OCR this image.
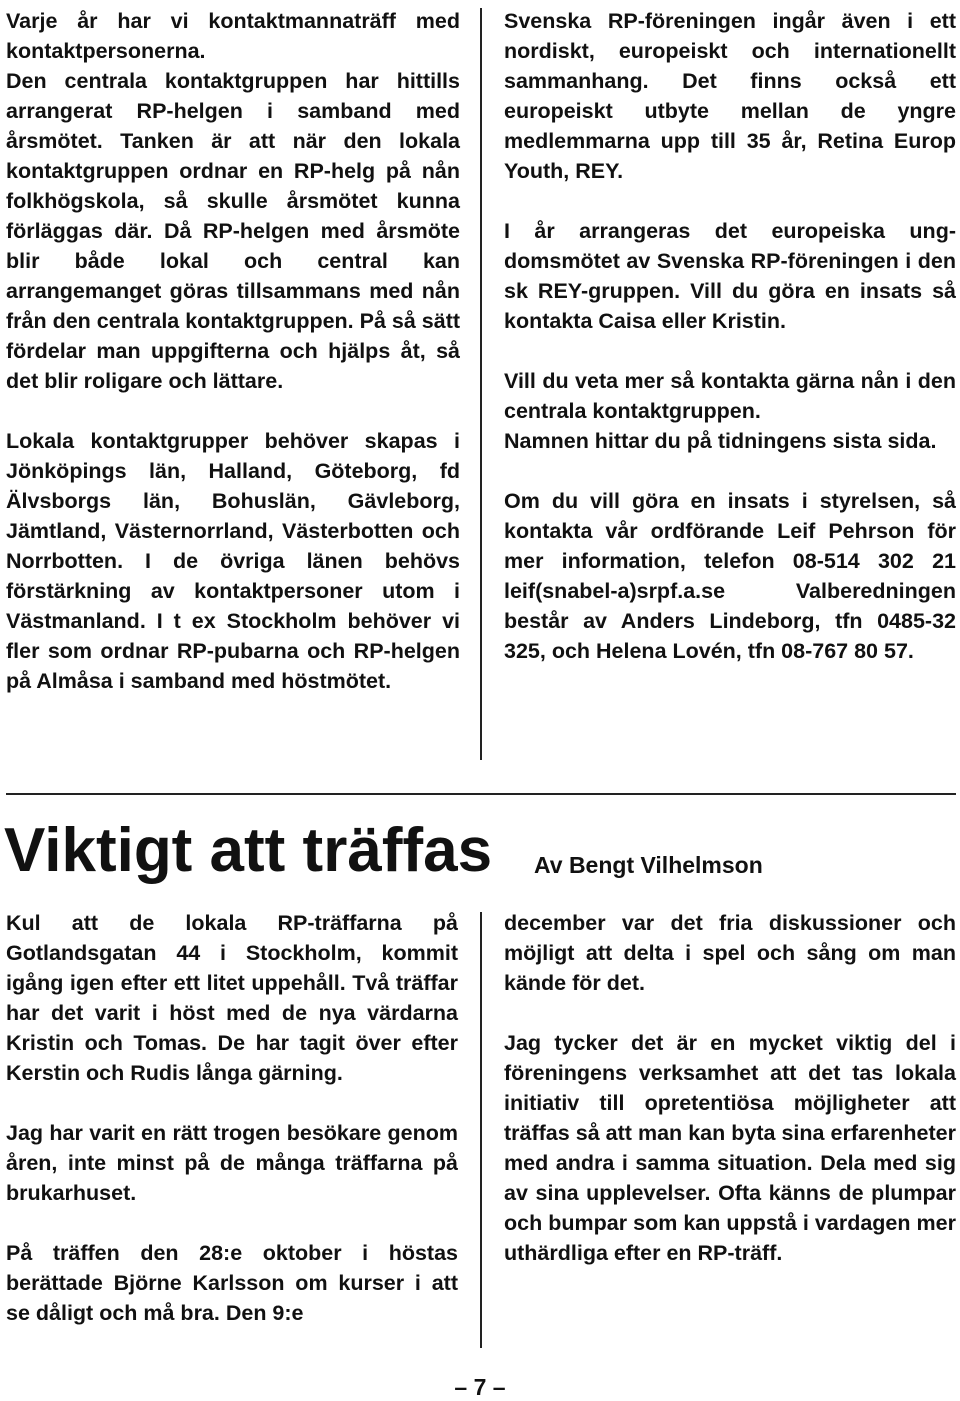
Varje år har vi kontaktmannaträff med kontaktpersonerna.

Den centrala kontaktgruppen har hittills arrangerat RP-helgen i samband med årsmötet. Tanken är att när den lokala kontaktgruppen ordnar en RP-helg på nån folkhögskola, så skulle årsmötet kunna förläggas där. Då RP-helgen med årsmöte blir både lokal och central kan arrangemanget göras tillsammans med nån från den centrala kontaktgruppen. På så sätt fördelar man uppgifterna och hjälps åt, så det blir roligare och lättare.

Lokala kontaktgrupper behöver skapas i Jönköpings län, Halland, Göteborg, fd Älvsborgs län, Bohuslän, Gävleborg, Jämtland, Västernorrland, Västerbotten och Norrbotten. I de övriga länen behövs förstärkning av kontaktpersoner utom i Västmanland. I t ex Stockholm behöver vi fler som ordnar RP-pubarna och RP-helgen på Almåsa i samband med höstmötet.

Svenska RP-föreningen ingår även i ett nordiskt, europeiskt och internationellt sammanhang. Det finns också ett europeiskt utbyte mellan de yngre medlemmarna upp till 35 år, Retina Europ Youth, REY.

I år arrangeras det europeiska ungdomsmötet av Svenska RP-föreningen i den sk REY-gruppen. Vill du göra en insats så kontakta Caisa eller Kristin.

Vill du veta mer så kontakta gärna nån i den centrala kontaktgruppen.

Namnen hittar du på tidningens sista sida.

Om du vill göra en insats i styrelsen, så kontakta vår ordförande Leif Pehrson för mer information, telefon 08-514 302 21 leif(snabel-a)srpf.a.se Valberedningen består av Anders Lindeborg, tfn 0485-32 325, och Helena Lovén, tfn 08-767 80 57.

Viktigt att träffas Av Bengt Vilhelmson

Kul att de lokala RP-träffarna på Gotlandsgatan 44 i Stockholm, kommit igång igen efter ett litet uppehåll. Två träffar har det varit i höst med de nya värdarna Kristin och Tomas. De har tagit över efter Kerstin och Rudis långa gärning.

Jag har varit en rätt trogen besökare genom åren, inte minst på de många träffarna på brukarhuset.

På träffen den 28:e oktober i höstas berättade Björne Karlsson om kurser i att se dåligt och må bra. Den 9:e

december var det fria diskussioner och möjligt att delta i spel och sång om man kände för det.

Jag tycker det är en mycket viktig del i föreningens verksamhet att det tas lokala initiativ till opretentiösa möjligheter att träffas så att man kan byta sina erfarenheter med andra i samma situation. Dela med sig av sina upplevelser. Ofta känns de plumpar och bumpar som kan uppstå i vardagen mer uthärdliga efter en RP-träff.

– 7 –
